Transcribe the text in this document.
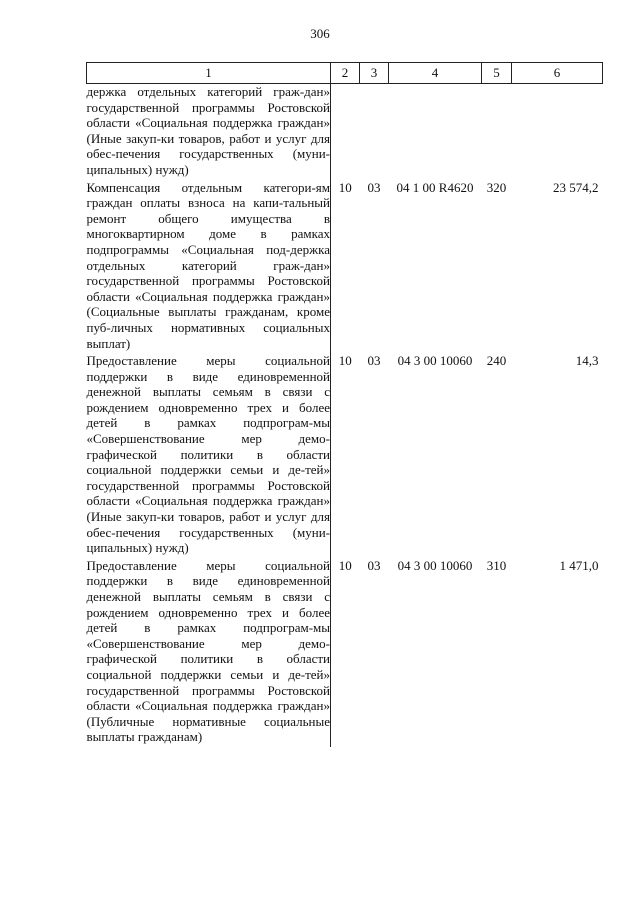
306
1	2	3	4	5	6
держка отдельных категорий граж-дан» государственной программы Ростовской области «Социальная поддержка граждан» (Иные закуп-ки товаров, работ и услуг для обес-печения государственных (муни-ципальных) нужд)					
Компенсация отдельным категори-ям граждан оплаты взноса на капи-тальный ремонт общего имущества в многоквартирном доме в рамках подпрограммы «Социальная под-держка отдельных категорий граж-дан» государственной программы Ростовской области «Социальная поддержка граждан» (Социальные выплаты гражданам, кроме пуб-личных нормативных социальных выплат)	10	03	04 1 00 R4620	320	23 574,2
Предоставление меры социальной поддержки в виде единовременной денежной выплаты семьям в связи с рождением одновременно трех и более детей в рамках подпрограм-мы «Совершенствование мер демо-графической политики в области социальной поддержки семьи и де-тей» государственной программы Ростовской области «Социальная поддержка граждан» (Иные закуп-ки товаров, работ и услуг для обес-печения государственных (муни-ципальных) нужд)	10	03	04 3 00 10060	240	14,3
Предоставление меры социальной поддержки в виде единовременной денежной выплаты семьям в связи с рождением одновременно трех и более детей в рамках подпрограм-мы «Совершенствование мер демо-графической политики в области социальной поддержки семьи и де-тей» государственной программы Ростовской области «Социальная поддержка граждан» (Публичные нормативные социальные выплаты гражданам)	10	03	04 3 00 10060	310	1 471,0
